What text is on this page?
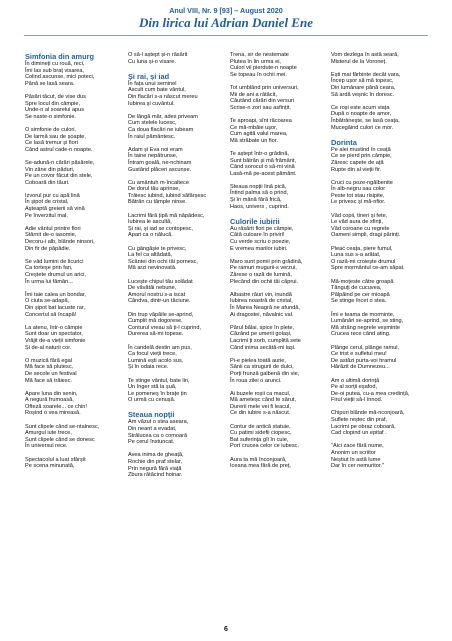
Anul VIII, Nr. 9 [93] – August 2020
Din lirica lui Adrian Daniel Ene
Simfonia din amurg
În dimineți cu rouă, reci,
Îmi las sub braț visarea,
Colind ascunse, mici poteci,
Până se lasă seara.
Păsări tăcut, de vise dus
Spre locul din câmpie,
Unde-n al soarelui apus
Se naste-o simfonie.
O simfonie de culori,
De larmă sau de șoapte,
Ce lasă tremur și fiori
Când astrul cade-n noapte.
Se-adună-n cărări păsărele,
Vin zâne din păduri,
Pe un covor făcut din stele,
Coboară din tăuri.
Izvorul pur cu apă lină
În șipot de cristal,
Așteaptă greierii să vină
Pe înverzitul mal.
Adie vântul printre flori
Stârnit de-o iasomie,
Decoru-i alb, blânde ninsori,
Din fir de păpădie.
Se văd lumini de licurici
Ca torteșe prin fan,
Creștete drumul un arici,
În urma lui fămân...
Îmi taie calea un bondar,
O ciuta se-adapă,
Din șipot bat lacuste rar,
Concertul să încapă!
La atenu, într-o câmpie
Sunt doar un spectator,
Vrăjit de-a vieții simfonie
Și de-al naturii cor.
O muzică fără egal
Mă face să plutesc,
De secole un festival
Mă face să trăiesc.
Apare luna din senin,
A negură frumoasă,
Ofteză soarele... ce chin!
Roșind o vea mireasă.
Sunt clipele când se-ntalnesc,
Amurgul iute trece,
Sunt clipele când se donesc
În universul rece.
Spectacolul a luat sfârșit
Pe scena minunată,
O să-l aștept și-n răsărit
Cu luna și-o visare.
Și rai, și iad
În fața unui seminel
Ascult cum bate vântul,
Din flacări s-a născut mereu
Iubirea și cuvântul.
De lângă măr, ades priveam
Cum stelele lucesc,
Ca doua flacări ne iubeam
În raiul pământesc.
Adam și Eva noi eram
În taine nepătrunse,
Întram goală, ne-nchinam
Gustând plăceri ascunse.
Cu amântuh m-încaltece
De dorul tău aprinse,
Trăiesc iubind, iubind săfârșesc
Bătrân cu tâmple ninse.
Lacrimi fără țipă mă năpădesc,
Iubirea le ascultă,
Și rai, și iad se contopesc,
Apari ca o nălucă.
Cu gângășie te privesc,
La fel ca altădată,
Scântei din ochi tăi pornesc,
Mă arzi nevinovată.
Lucește chipul tău solădat
De văvătăi nebune,
Amorul nostru s-a iscat
Cândva, dintr-un tăciune.
Din trup văpăile se-aprind,
Cumplit mă dogorese,
Conturul vreau să ți-l cuprind,
Durerea să-mi topese.
În candelă destin am pus,
Ca focul vieții trece,
Lumină ești acolo sus,
Și în odaia rece.
Te stinge vântul, bate lin,
Un înger stă la șuă,
Le pomeneș în brațe țin
O urmă cu cenușă.
Steaua nopții
Am văzut o stea aseara,
Din neant a evadat,
Strălucea ca o comoară
Pe cerul înstuncat.
Avea inima de gheață,
Rochie din praf stelar,
Prin negură fără viață
Zbura rătăcind hoinar.
Trena, sir de nestemate
Plutea în lin urma ei,
Culori vii pierdute-n noapte
Se topeau în ochii mei.
Tot umblând prin universuri,
Mii de ani a rătăcit,
Căutând cărări din versuri
Scrise-n zori sau asfințit.
Te aproapi, sînt răcoarea
Ce mă-mbăie ușor,
Cum agită valul marea,
Mă străbate un fior.
Te aștept într-o grădină,
Sunt bătrân și mă frământ,
Când sorocul o să-mi vină
Lasă-mă pe-acest pământ.
Steaua nopții lină pică,
Întind palma să o prind,
Și în mână fără frică,
Haos, univers , cuprind.
Culorile iubirii
Au răsărit flori pe câmpie,
Câtă culoare în priviri!
Cu verde scriu o poezie,
E vremea marilor iubiri.
Maro sunt pomii prin grădină,
Pe ramuri mugurii-s verzui,
Zârese o rază de lumină,
Plecând din ochii tăi căprui.
Albastre râuri vin, inundă
Iubirea noastră de cristal,
În Marea Neagră ne afundă,
Ai dragostei, năvalnic val.
Părul bălai, spice în plete,
Căzând pe umerii golași,
Lacrimi ți sorb, cumplită sete
Când inima secătă-mi lași.
Pi-e pielea toată aurie,
Sânii ca strugurii de dulci,
Porți frunză galbenă din vie,
În roua zilei o arunci.
Ai buzele roșii ca macul,
Mă ameteșc când te sărut,
Durerii mele vei fi leacul,
Ce din iubire s-a născut.
Contur de antică statuie,
Cu patimi sidefii ciopesc,
Bat suferința gîi în cuie,
Port crucea celor ce iubesc.
Aura ta mă înconjoară,
Iceana mea fără de preț,
Vom dezlega în astă seară,
Misterul de la Voroneț.
Ești mai fărbinte decât vara,
Încep ușor să mă topesc,
Din lumânare până ceara,
Să ardă veșnic în doresc.
Ce roși este acum viața
După o noapte de amor,
Înbătrânește, se lasă ceața,
Mucegăind culori ce mor.
Dorinta
Pe alei mustind în ceață
Ce se pierd prin câmpie,
Zâresc capete de ață
Rupte din al vieții fir.
Cruci cu poze-ngălbenite
În alb-negru sau color
Peste tot stau risipite,
Le privesc și mă-nfior.
Văd copii, tineri și fete,
Le văd aura de sfinți,
Văd coroane cu regrete
Oameni simpli, dragi părinți.
Pleać ceața, piere fumul,
Luna sus s-a arătat,
O rază-mi croiește drumul
Spre mormântul ce-am săpat.
Mă-moțeste către groapă
Tănguți de cucuvea,
Pălpăind pe cer mioapă
Se stinge încet o stea.
Îmi e teama de morminte,
Lumânări se-aprind, se sting,
Mă strâng negrele veșminte
Crucea rece când ating.
Plânge cerul, plânge ramul,
Ce trist e sufletul meu!
De astăzi purta-voi hramul
Hărăzit de Dumnezeu...
Am o ultimă dorință
Pe al sorții eșafod,
De-oi putea, cu-a mea credință,
Firul vieții să-l înnod.
Chipuri blânde mă-nconjoară,
Suflete reștec din praf,
Lacrimi pe obraz coboară,
Cad clopind un epitaf .
"Aici zace fără nume,
Anonim un scriitor
Neștiut în astă lume
Dar în cer nemuritor."
6
